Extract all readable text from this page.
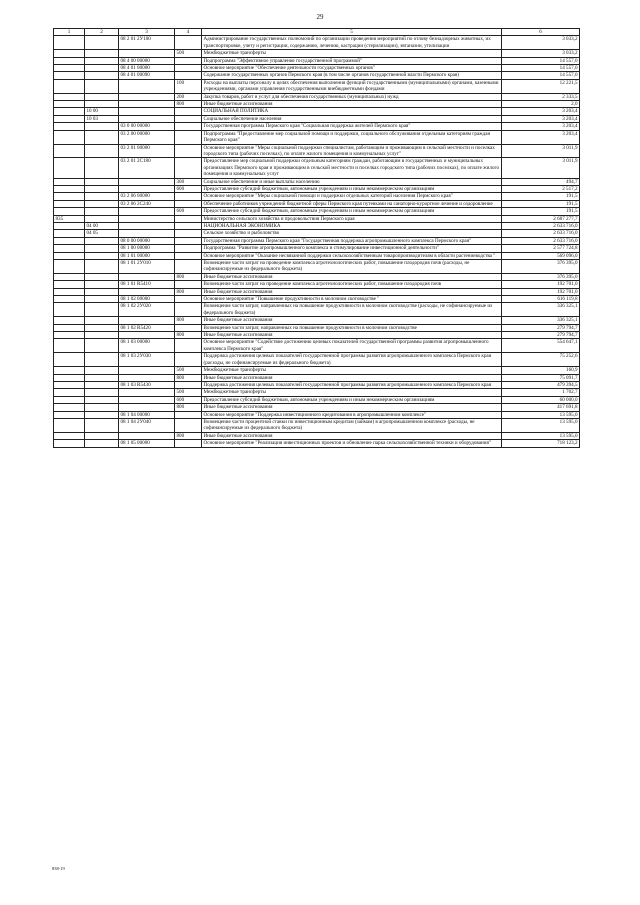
29
1	2	3	4	5	6
		08 2 01 2У100		Администрирование государственных полномочий по организации проведения мероприятий по отлову безнадзорных животных, их транспортировке, учету и регистрации, содержанию, лечению, кастрации (стерилизации), эвтаназии, утилизации	3 033,2
			500	Межбюджетные трансферты	3 033,2
		08 4 00 00000		Подпрограмма "Эффективное управление государственной программой"	14 557,0
		08 4 01 00000		Основное мероприятие "Обеспечение деятельности государственных органов"	14 557,0
		08 4 01 00090		Содержание государственных органов Пермского края (в том числе органов государственной власти Пермского края)	14 557,0
			100	Расходы на выплаты персоналу в целях обеспечения выполнения функций государственными (муниципальными) органами, казенными учреждениями, органами управления государственными внебюджетными фондами	12 221,5
			200	Закупка товаров, работ и услуг для обеспечения государственных (муниципальных) нужд	2 333,5
			800	Иные бюджетные ассигнования	2,0
	10 00			СОЦИАЛЬНАЯ ПОЛИТИКА	3 203,4
	10 03			Социальное обеспечение населения	3 203,4
		03 0 00 00000		Государственная программа Пермского края "Социальная поддержка жителей Пермского края"	3 203,4
		03 2 00 00000		Подпрограмма "Предоставление мер социальной помощи и поддержки, социального обслуживания отдельным категориям граждан Пермского края"	3 203,4
		03 2 01 00000		Основное мероприятие "Меры социальной поддержки специалистам, работающим и проживающим в сельской местности и поселках городского типа (рабочих поселках), по оплате жилого помещения и коммунальных услуг"	3 011,9
		03 2 01 2С180		Предоставление мер социальной поддержки отдельным категориям граждан, работающим в государственных и муниципальных организациях Пермского края и проживающим в сельской местности и поселках городского типа (рабочих поселках), по оплате жилого помещения и коммунальных услуг	3 011,9
			300	Социальное обеспечение и иные выплаты населению	494,7
			600	Предоставление субсидий бюджетным, автономным учреждениям и иным некоммерческим организациям	2 517,2
		03 2 06 00000		Основное мероприятие "Меры социальной помощи и поддержки отдельных категорий населения Пермского края"	191,5
		03 2 06 2С240		Обеспечение работников учреждений бюджетной сферы Пермского края путевками на санаторно-курортное лечение и оздоровление	191,5
			600	Предоставление субсидий бюджетным, автономным учреждениям и иным некоммерческим организациям	191,5
835				Министерство сельского хозяйства и продовольствия Пермского края	2 687 277,7
	04 00			НАЦИОНАЛЬНАЯ ЭКОНОМИКА	2 633 716,0
	04 05			Сельское хозяйство и рыболовство	2 633 716,0
		08 0 00 00000		Государственная программа Пермского края "Государственная поддержка агропромышленного комплекса Пермского края"	2 633 716,0
		08 1 00 00000		Подпрограмма "Развитие агропромышленного комплекса и стимулирование инвестиционной деятельности"	2 577 724,8
		08 1 01 00000		Основное мероприятие "Оказание несвязанной поддержки сельскохозяйственным товаропроизводителям в области растениеводства "	569 096,0
		08 1 01 2У010		Возмещение части затрат на проведение комплекса агротехнологических работ, повышение плодородия почв (расходы, не софинансируемые из федерального бюджета)	376 395,0
			800	Иные бюджетные ассигнования	376 395,0
		08 1 01 R5410		Возмещение части затрат на проведение комплекса агротехнологических работ, повышение плодородия почв	192 701,0
			800	Иные бюджетные ассигнования	192 701,0
		08 1 02 00000		Основное мероприятие "Повышение продуктивности в молочном скотоводстве "	616 119,8
		08 1 02 2У020		Возмещение части затрат, направленных на повышение продуктивности в молочном скотоводстве (расходы, не софинансируемые из федерального бюджета)	336 325,1
			800	Иные бюджетные ассигнования	336 325,1
		08 1 02 R5420		Возмещение части затрат, направленных на повышение продуктивности в молочном скотоводстве	279 794,7
			800	Иные бюджетные ассигнования	279 794,7
		08 1 03 00000		Основное мероприятие "Содействие достижению целевых показателей государственной программы развития агропромышленного комплекса Пермского края"	554 647,1
		08 1 03 2У030		Поддержка достижения целевых показателей государственной программы развития агропромышленного комплекса Пермского края (расходы, не софинансируемые из федерального бюджета)	75 252,6
			500	Межбюджетные трансферты	160,9
			800	Иные бюджетные ассигнования	75 091,7
		08 1 03 R5430		Поддержка достижения целевых показателей государственной программы развития агропромышленного комплекса Пермского края	479 394,5
			500	Межбюджетные трансферты	1 702,7
			600	Предоставление субсидий бюджетным, автономным учреждениям и иным некоммерческим организациям	60 000,0
			800	Иные бюджетные ассигнования	417 691,8
		08 1 04 00000		Основное мероприятие "Поддержка инвестиционного кредитования в агропромышленном комплексе"	13 595,0
		08 1 04 2У040		Возмещение части процентной ставки по инвестиционным кредитам (займам) в агропромышленном комплексе (расходы, не софинансируемые из федерального бюджета)	13 595,0
			800	Иные бюджетные ассигнования	13 595,0
		08 1 05 00000		Основное мероприятие "Реализация инвестиционных проектов и обновление парка сельскохозяйственной техники и оборудования"	718 123,2
838-19
